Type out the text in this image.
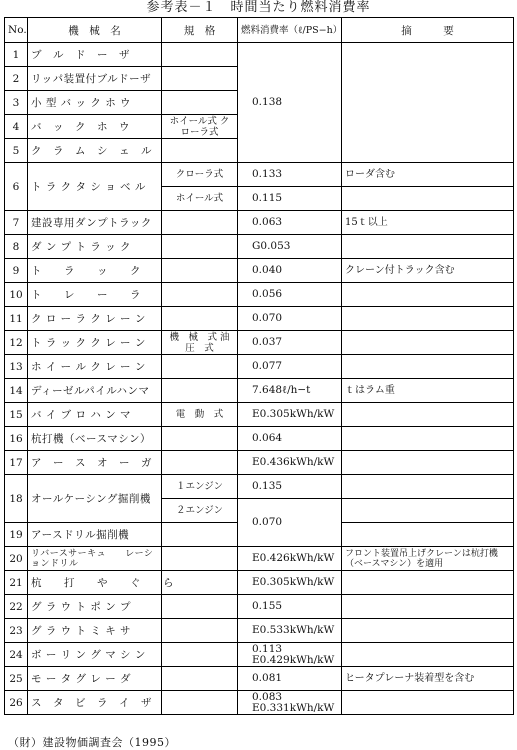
参考表－１　時間当たり燃料消費率
No.	機　械　名	規　格	燃料消費率（ℓ/PS−h）	摘　　　要
1	ブ　ル　ド　ー　ザ		0.138	
2	リッパ装置付ブルドーザ			
3	小 型 バ ッ ク ホ ウ			
4	バ　ッ　ク　ホ　ウ	ホイール式 クローラ式		
5	ク　ラ　ム　シ　ェ　ル			
6	ト ラ ク タ シ ョ ベ ル	クローラ式	0.133	ローダ含む
		ホイール式	0.115	
7	建設専用ダンプトラック		0.063	15ｔ以上
8	ダ ン プ ト ラ ッ ク		G0.053	
9	ト　　ラ　　ッ　　ク		0.040	クレーン付トラック含む
10	ト　　レ　　ー　　ラ		0.056	
11	ク ロ ー ラ ク レ ー ン		0.070	
12	ト ラ ッ ク ク レ ー ン	機　械　式 油　圧　式	0.037	
13	ホ イ ー ル ク レ ー ン		0.077	
14	ディーゼルパイルハンマ		7.648ℓ/h−t	ｔはラム重
15	バ イ ブ ロ ハ ン マ	電　動　式	E0.305kWh/kW	
16	杭打機（ベースマシン）		0.064	
17	ア　ー　ス　オ　ー　ガ		E0.436kWh/kW	
18	オールケーシング掘削機	１エンジン	0.135	
		２エンジン	0.070	
19	アースドリル掘削機			
20	リバースサーキュ　　レーションドリル		E0.426kWh/kW	フロント装置吊上げクレーンは杭打機（ベースマシン）を適用
21	杭　　打　　や　　ぐ　　ら		E0.305kWh/kW	
22	グ ラ ウ ト ポ ン プ		0.155	
23	グ ラ ウ ト ミ キ サ		E0.533kWh/kW	
24	ボ ー リ ン グ マ シ ン		0.113 E0.429kWh/kW	
25	モ ー タ グ レ ー ダ		0.081	ヒータプレーナ装着型を含む
26	ス　タ　ビ　ラ　イ　ザ		0.083 E0.331kWh/kW	
（財）建設物価調査会（1995）
